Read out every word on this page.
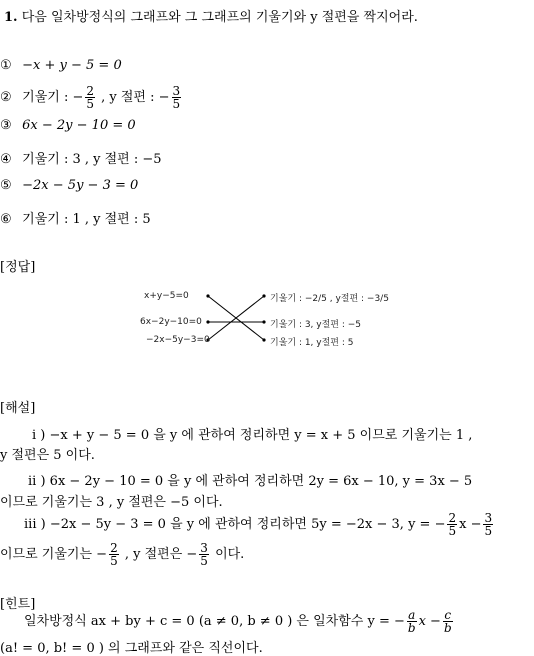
1. 다음 일차방정식의 그래프와 그 그래프의 기울기와 y 절편을 짝지어라.
① −x + y − 5 = 0
② 기울기 : − $\frac{2}{5}$ , y 절편 : − $\frac{3}{5}$
③ 6x − 2y − 10 = 0
④ 기울기 : 3 , y 절편 : −5
⑤ −2x − 5y − 3 = 0
⑥ 기울기 : 1 , y 절편 : 5
[정답]
x+y−5=0
6x−2y−10=0
−2x−5y−3=0
기울기 : −2/5 , y절편 : −3/5
기울기 : 3, y절편 : −5
기울기 : 1, y절편 : 5
[해설]
i ) −x + y − 5 = 0 을 y 에 관하여 정리하면 y = x + 5 이므로 기울기는 1 ,
y 절편은 5 이다.
ii ) 6x − 2y − 10 = 0 을 y 에 관하여 정리하면 2y = 6x − 10, y = 3x − 5
이므로 기울기는 3 , y 절편은 −5 이다.
iii ) −2x − 5y − 3 = 0 을 y 에 관하여 정리하면 5y = −2x − 3, y = − $\frac{2}{5}$ $x - \frac{3}{5}$
이므로 기울기는 − $\frac{2}{5}$ , y 절편은 − $\frac{3}{5}$ 이다.
[힌트]
일차방정식 ax + by + c = 0 (a ≠ 0, b ≠ 0 ) 은 일차함수 y = − $\frac{a}{b}$ $x - \frac{c}{b}$
(a! = 0, b! = 0 ) 의 그래프와 같은 직선이다.
